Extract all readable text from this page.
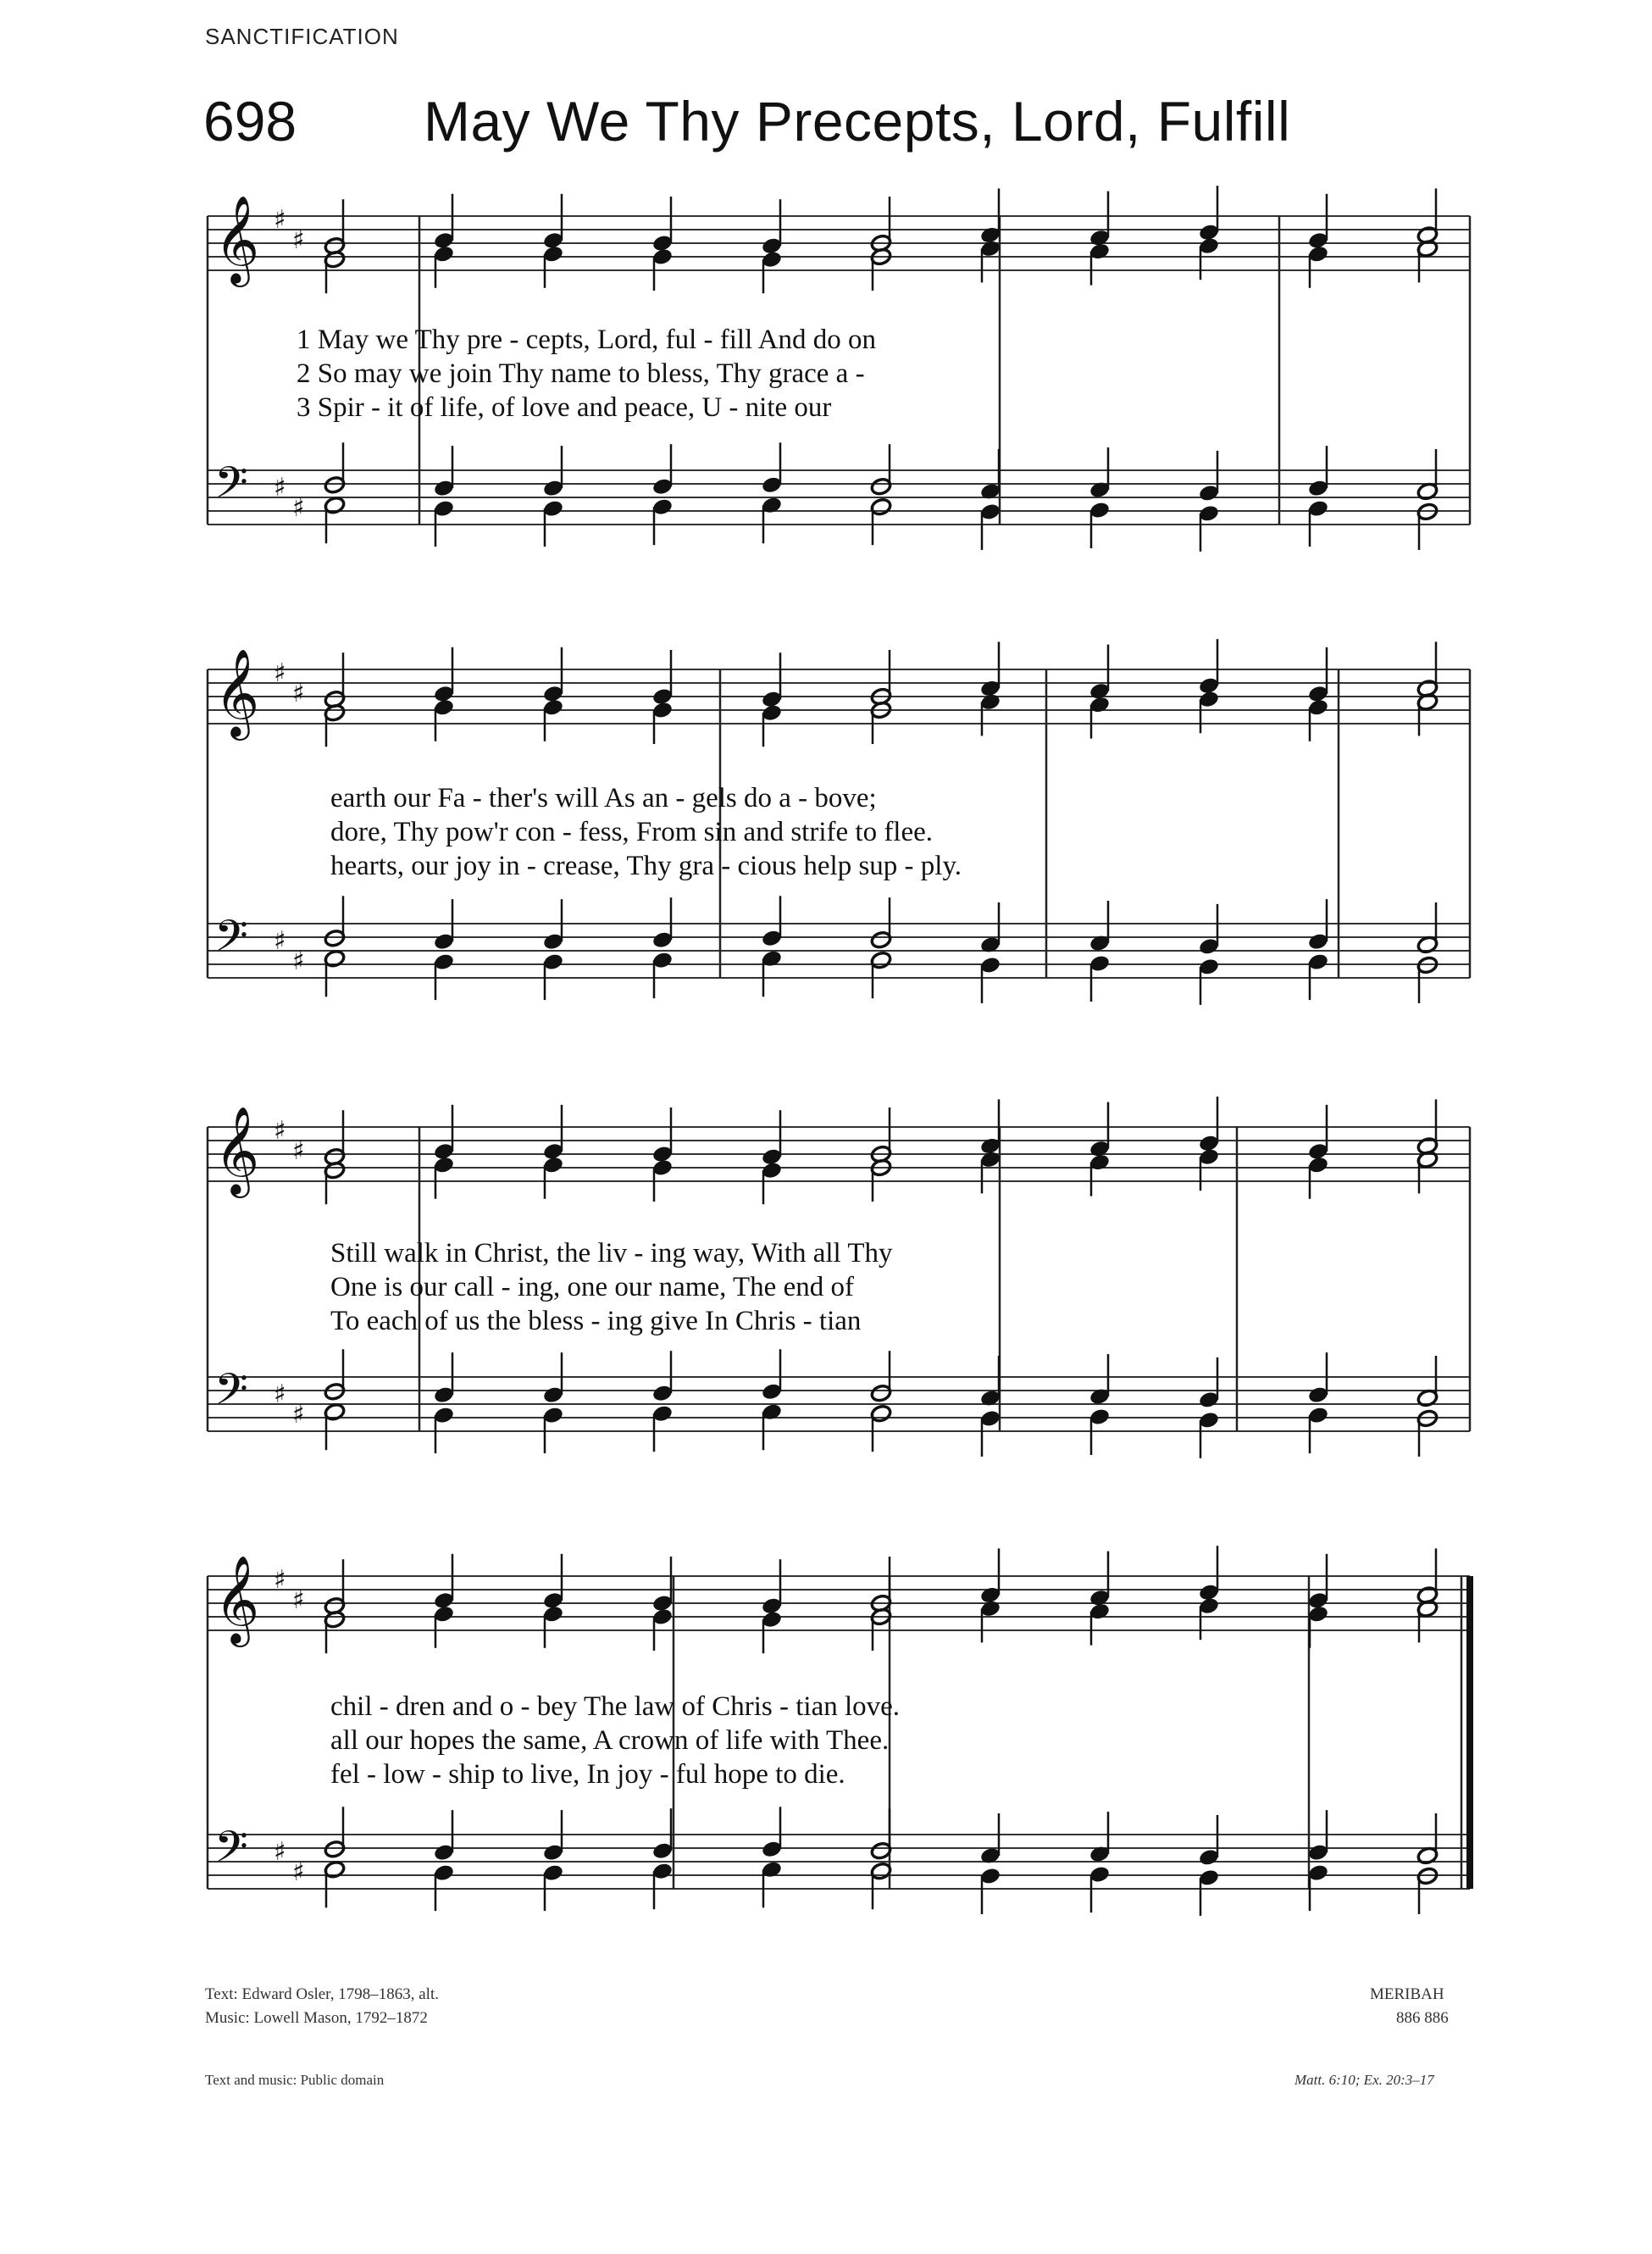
SANCTIFICATION
698 May We Thy Precepts, Lord, Fulfill
𝄞 ♯
♯
𝄢 ♯
♯
𝄞 ♯
♯
𝄢 ♯
♯
𝄞 ♯
♯
𝄢 ♯
♯
𝄞 ♯
♯
𝄢 ♯
♯
1 May we Thy pre - cepts, Lord, ful - fill And do on
2 So may we join Thy name to bless, Thy grace a -
3 Spir - it of life, of love and peace, U - nite our
earth our Fa - ther's will As an - gels do a - bove;
dore, Thy pow'r con - fess, From sin and strife to flee.
hearts, our joy in - crease, Thy gra - cious help sup - ply.
Still walk in Christ, the liv - ing way, With all Thy
One is our call - ing, one our name, The end of
To each of us the bless - ing give In Chris - tian
chil - dren and o - bey The law of Chris - tian love.
all our hopes the same, A crown of life with Thee.
fel - low - ship to live, In joy - ful hope to die.
Text: Edward Osler, 1798–1863, alt.
Music: Lowell Mason, 1792–1872
MERIBAH
886 886
Text and music: Public domain	Matt. 6:10; Ex. 20:3–17
